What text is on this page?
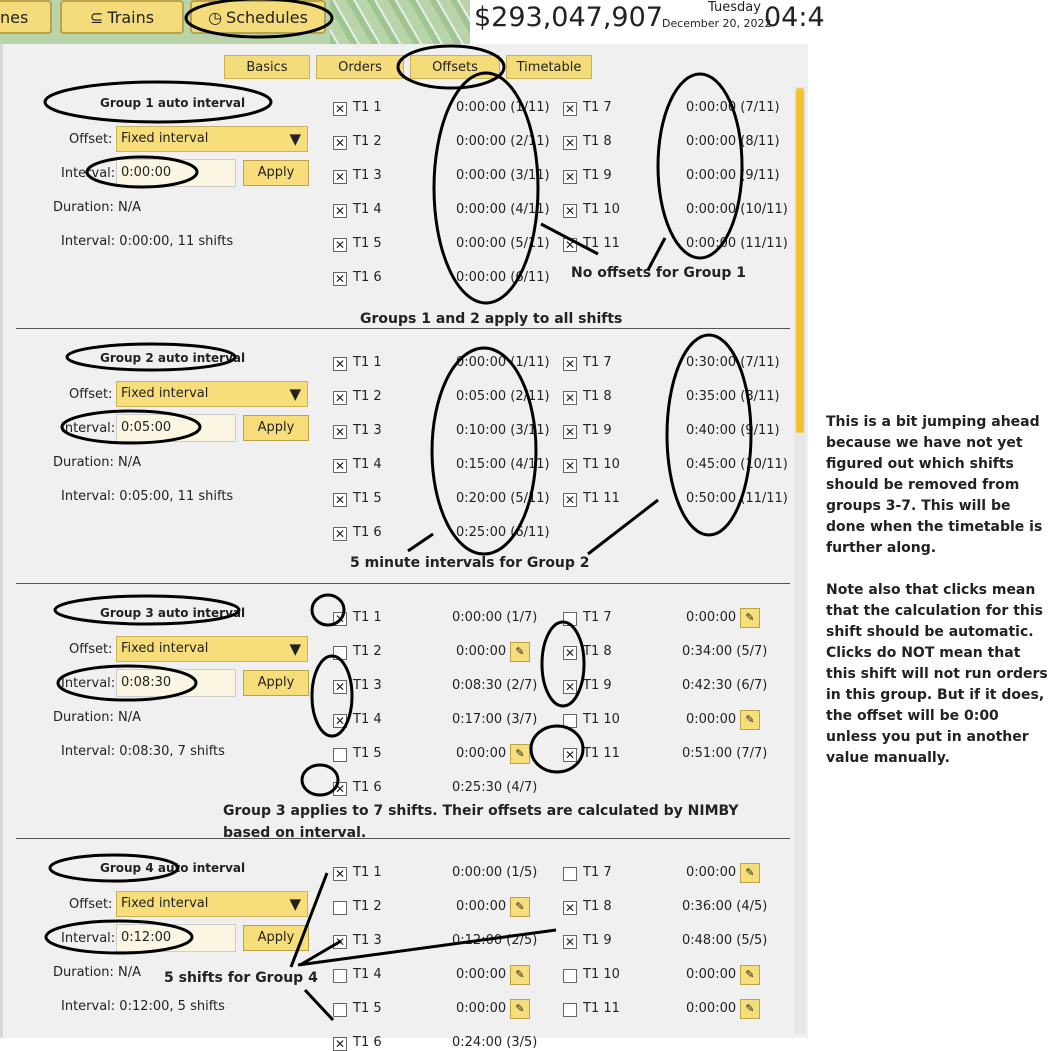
nes	⊆ Trains	◷ Schedules	$293,047,907	Tuesday
December 20, 2022
04:4
Basics	Orders	Offsets	Timetable
Group 1 auto interval
Offset: Fixed interval	▼
Interval: 0:00:00	Apply
Duration: N/A
Interval: 0:00:00, 11 shifts
✕ T1 1	0:00:00 (1/11)
✕ T1 2	0:00:00 (2/11)
✕ T1 3	0:00:00 (3/11)
✕ T1 4	0:00:00 (4/11)
✕ T1 5	0:00:00 (5/11)
✕ T1 6	0:00:00 (6/11)
✕ T1 7	0:00:00 (7/11)
✕ T1 8	0:00:00 (8/11)
✕ T1 9	0:00:00 (9/11)
✕ T1 10	0:00:00 (10/11)
✕ T1 11	0:00:00 (11/11)
Group 2 auto interval
Offset: Fixed interval	▼
Interval: 0:05:00	Apply
Duration: N/A
Interval: 0:05:00, 11 shifts
✕ T1 1	0:00:00 (1/11)
✕ T1 2	0:05:00 (2/11)
✕ T1 3	0:10:00 (3/11)
✕ T1 4	0:15:00 (4/11)
✕ T1 5	0:20:00 (5/11)
✕ T1 6	0:25:00 (6/11)
✕ T1 7	0:30:00 (7/11)
✕ T1 8	0:35:00 (8/11)
✕ T1 9	0:40:00 (9/11)
✕ T1 10	0:45:00 (10/11)
✕ T1 11	0:50:00 (11/11)
Group 3 auto interval
Offset: Fixed interval	▼
Interval: 0:08:30	Apply
Duration: N/A
Interval: 0:08:30, 7 shifts
✕ T1 1	0:00:00 (1/7)
T1 2	0:00:00 ✎
✕ T1 3	0:08:30 (2/7)
✕ T1 4	0:17:00 (3/7)
T1 5	0:00:00 ✎
✕ T1 6	0:25:30 (4/7)
T1 7	0:00:00 ✎
✕ T1 8	0:34:00 (5/7)
✕ T1 9	0:42:30 (6/7)
T1 10	0:00:00 ✎
✕ T1 11	0:51:00 (7/7)
Group 4 auto interval
Offset: Fixed interval	▼
Interval: 0:12:00	Apply
Duration: N/A
Interval: 0:12:00, 5 shifts
✕ T1 1	0:00:00 (1/5)
T1 2	0:00:00 ✎
✕ T1 3	0:12:00 (2/5)
T1 4	0:00:00 ✎
T1 5	0:00:00 ✎
✕ T1 6	0:24:00 (3/5)
T1 7	0:00:00 ✎
✕ T1 8	0:36:00 (4/5)
✕ T1 9	0:48:00 (5/5)
T1 10	0:00:00 ✎
T1 11	0:00:00 ✎
No offsets for Group 1
Groups 1 and 2 apply to all shifts
5 minute intervals for Group 2
Group 3 applies to 7 shifts. Their offsets are calculated by NIMBY
based on interval.
5 shifts for Group 4

This is a bit jumping ahead because we have not yet figured out which shifts should be removed from groups 3-7. This will be done when the timetable is further along.

Note also that clicks mean that the calculation for this shift should be automatic. Clicks do NOT mean that this shift will not run orders in this group. But if it does, the offset will be 0:00 unless you put in another value manually.
